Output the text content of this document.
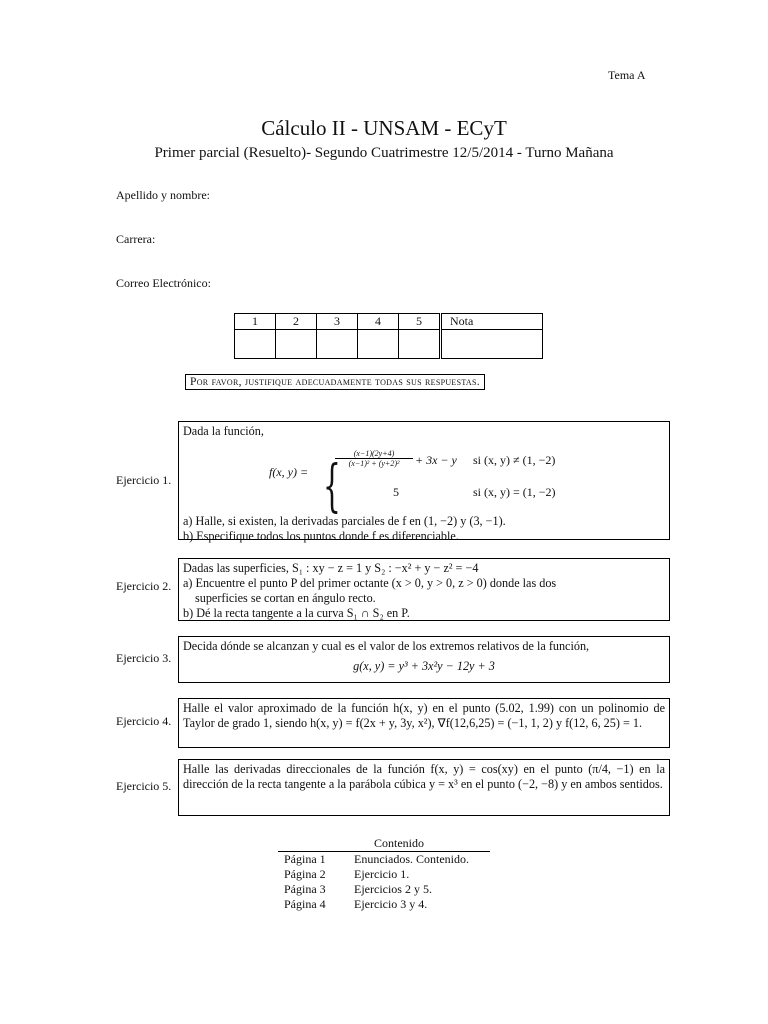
Tema A
Cálculo II - UNSAM - ECyT
Primer parcial (Resuelto)- Segundo Cuatrimestre 12/5/2014 - Turno Mañana
Apellido y nombre:
Carrera:
Correo Electrónico:
1	2	3	4	5	Nota

Por favor, justifique adecuadamente todas sus respuestas.
Ejercicio 1.

Dada la función,

f(x, y) = {
$\frac{(x-1)(2y+4)}{\text{(x−1)² + (y+2)²}} + 3x - y$ si (x, y) ≠ (1, −2)
5	si (x, y) = (1, −2)

a) Halle, si existen, la derivadas parciales de f en (1, −2) y (3, −1).

b) Especifique todos los puntos donde f es diferenciable.

Ejercicio 2.

Dadas las superficies, S₁ : xy − z = 1 y S₂ : −x² + y − z² = −4

a) Encuentre el punto P del primer octante (x > 0, y > 0, z > 0) donde las dos

superficies se cortan en ángulo recto.

b) Dé la recta tangente a la curva S₁ ∩ S₂ en P.

Ejercicio 3.

Decida dónde se alcanzan y cual es el valor de los extremos relativos de la función,

g(x, y) = y³ + 3x²y − 12y + 3

Ejercicio 4.

Halle el valor aproximado de la función h(x, y) en el punto (5.02, 1.99) con un polinomio de Taylor de grado 1, siendo h(x, y) = f(2x + y, 3y, x²), ∇f(12,6,25) = (−1, 1, 2) y f(12, 6, 25) = 1.

Ejercicio 5.

Halle las derivadas direccionales de la función f(x, y) = cos(xy) en el punto (π/4, −1) en la dirección de la recta tangente a la parábola cúbica y = x³ en el punto (−2, −8) y en ambos sentidos.

Contenido
Página 1	Enunciados. Contenido.
Página 2	Ejercicio 1.
Página 3	Ejercicios 2 y 5.
Página 4	Ejercicio 3 y 4.
